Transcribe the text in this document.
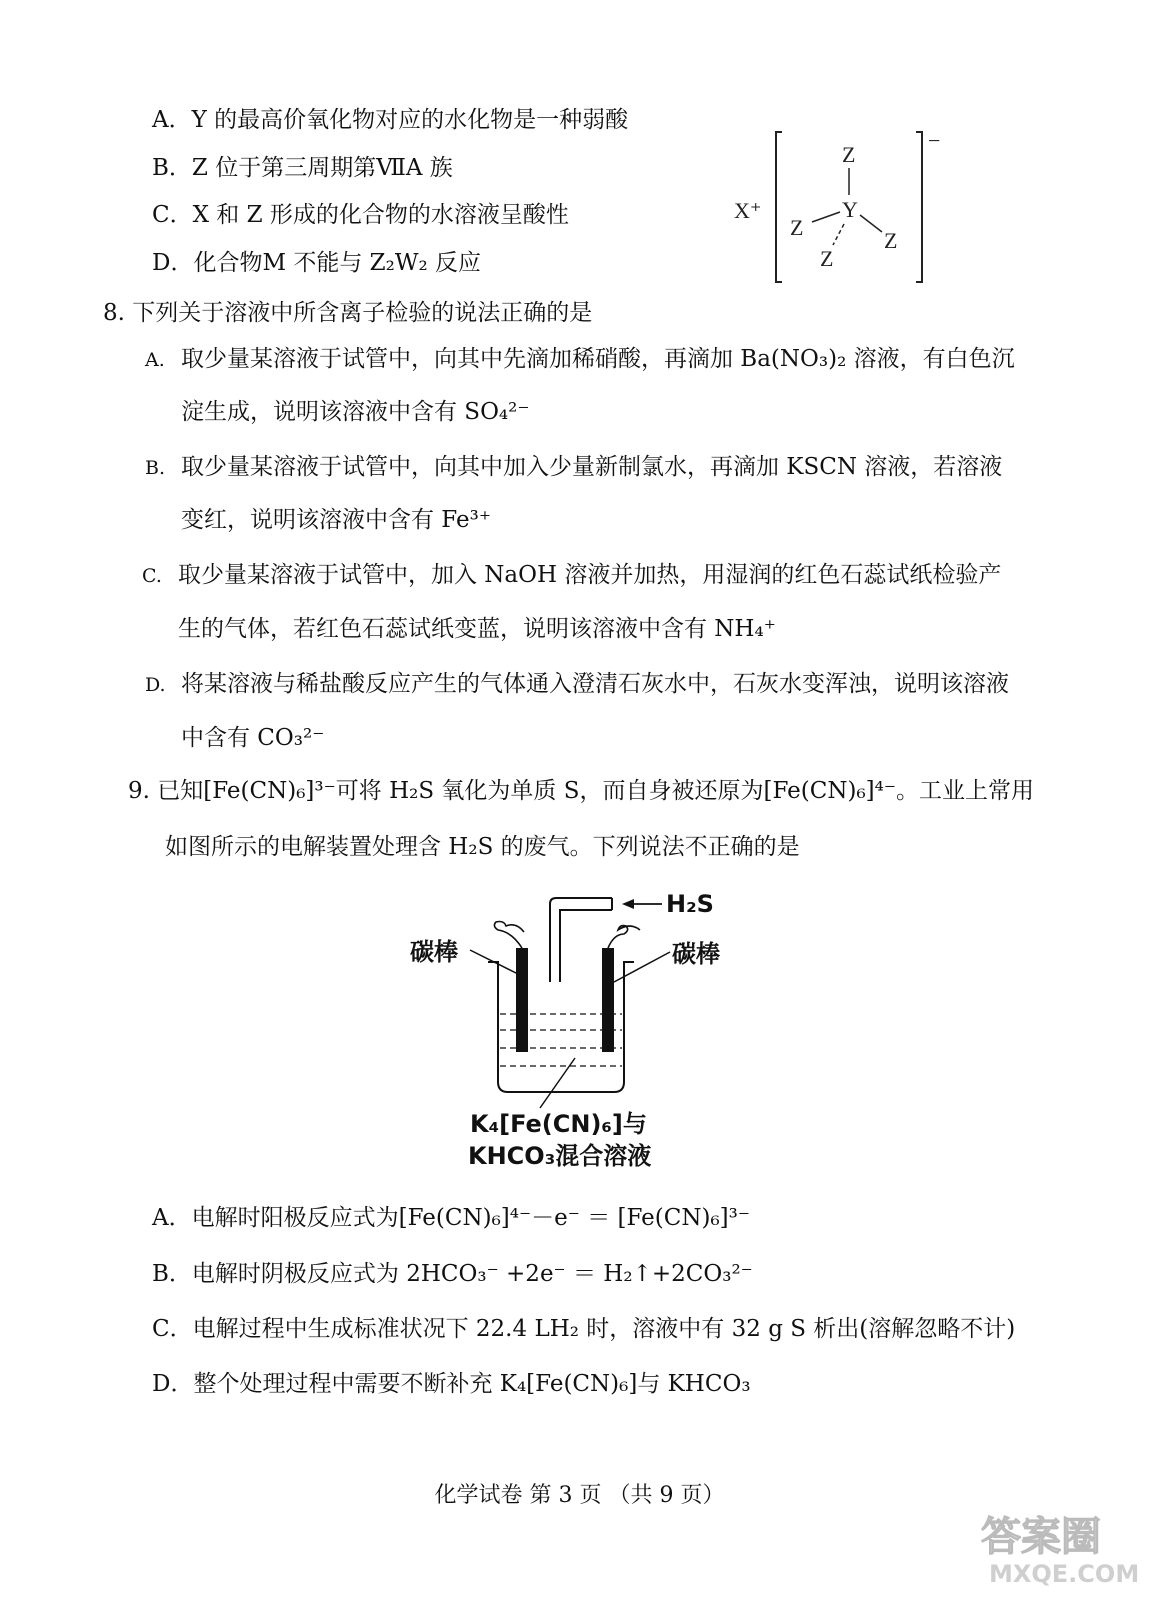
A．Y 的最高价氧化物对应的水化物是一种弱酸
B．Z 位于第三周期第ⅦA 族
C．X 和 Z 形成的化合物的水溶液呈酸性
D．化合物M 不能与 Z₂W₂ 反应
X⁺
−
Z
Y
Z
Z
Z
8. 下列关于溶液中所含离子检验的说法正确的是
A. 取少量某溶液于试管中，向其中先滴加稀硝酸，再滴加 Ba(NO₃)₂ 溶液，有白色沉
淀生成，说明该溶液中含有 SO₄²⁻
B. 取少量某溶液于试管中，向其中加入少量新制氯水，再滴加 KSCN 溶液，若溶液
变红，说明该溶液中含有 Fe³⁺
C. 取少量某溶液于试管中，加入 NaOH 溶液并加热，用湿润的红色石蕊试纸检验产
生的气体，若红色石蕊试纸变蓝，说明该溶液中含有 NH₄⁺
D. 将某溶液与稀盐酸反应产生的气体通入澄清石灰水中，石灰水变浑浊，说明该溶液
中含有 CO₃²⁻
9. 已知[Fe(CN)₆]³⁻可将 H₂S 氧化为单质 S，而自身被还原为[Fe(CN)₆]⁴⁻。工业上常用
如图所示的电解装置处理含 H₂S 的废气。下列说法不正确的是
H₂S
碳棒	碳棒
K₄[Fe(CN)₆]与
KHCO₃混合溶液
A．电解时阳极反应式为[Fe(CN)₆]⁴⁻－e⁻ ＝ [Fe(CN)₆]³⁻
B．电解时阴极反应式为 2HCO₃⁻ +2e⁻ ＝ H₂↑+2CO₃²⁻
C．电解过程中生成标准状况下 22.4 LH₂ 时，溶液中有 32 g S 析出(溶解忽略不计)
D．整个处理过程中需要不断补充 K₄[Fe(CN)₆]与 KHCO₃
化学试卷 第 3 页 （共 9 页）
答案圈
MXQE.COM
